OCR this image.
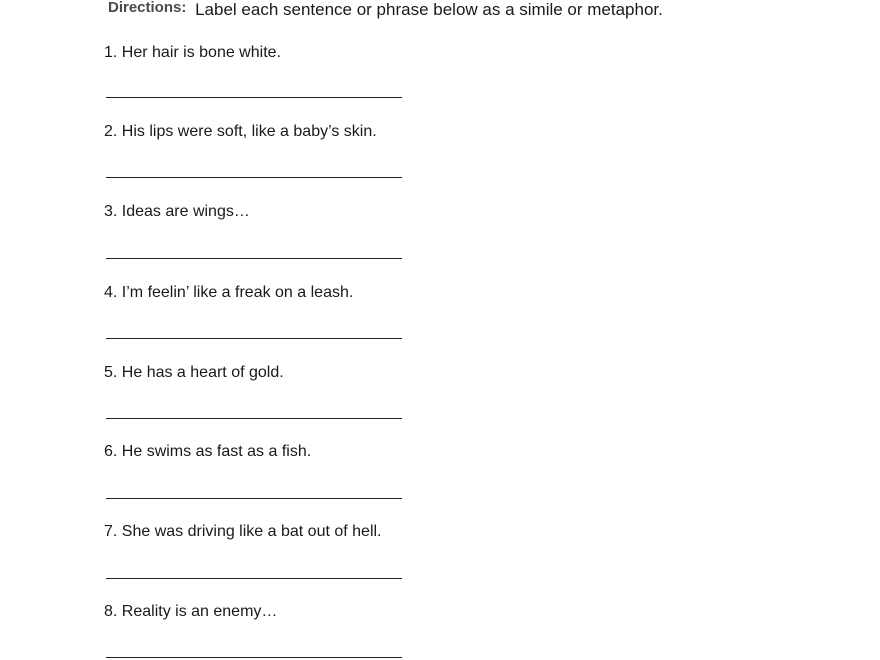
Directions: Label each sentence or phrase below as a simile or metaphor.
1. Her hair is bone white.
2. His lips were soft, like a baby’s skin.
3. Ideas are wings…
4. I’m feelin’ like a freak on a leash.
5. He has a heart of gold.
6. He swims as fast as a fish.
7. She was driving like a bat out of hell.
8. Reality is an enemy…
